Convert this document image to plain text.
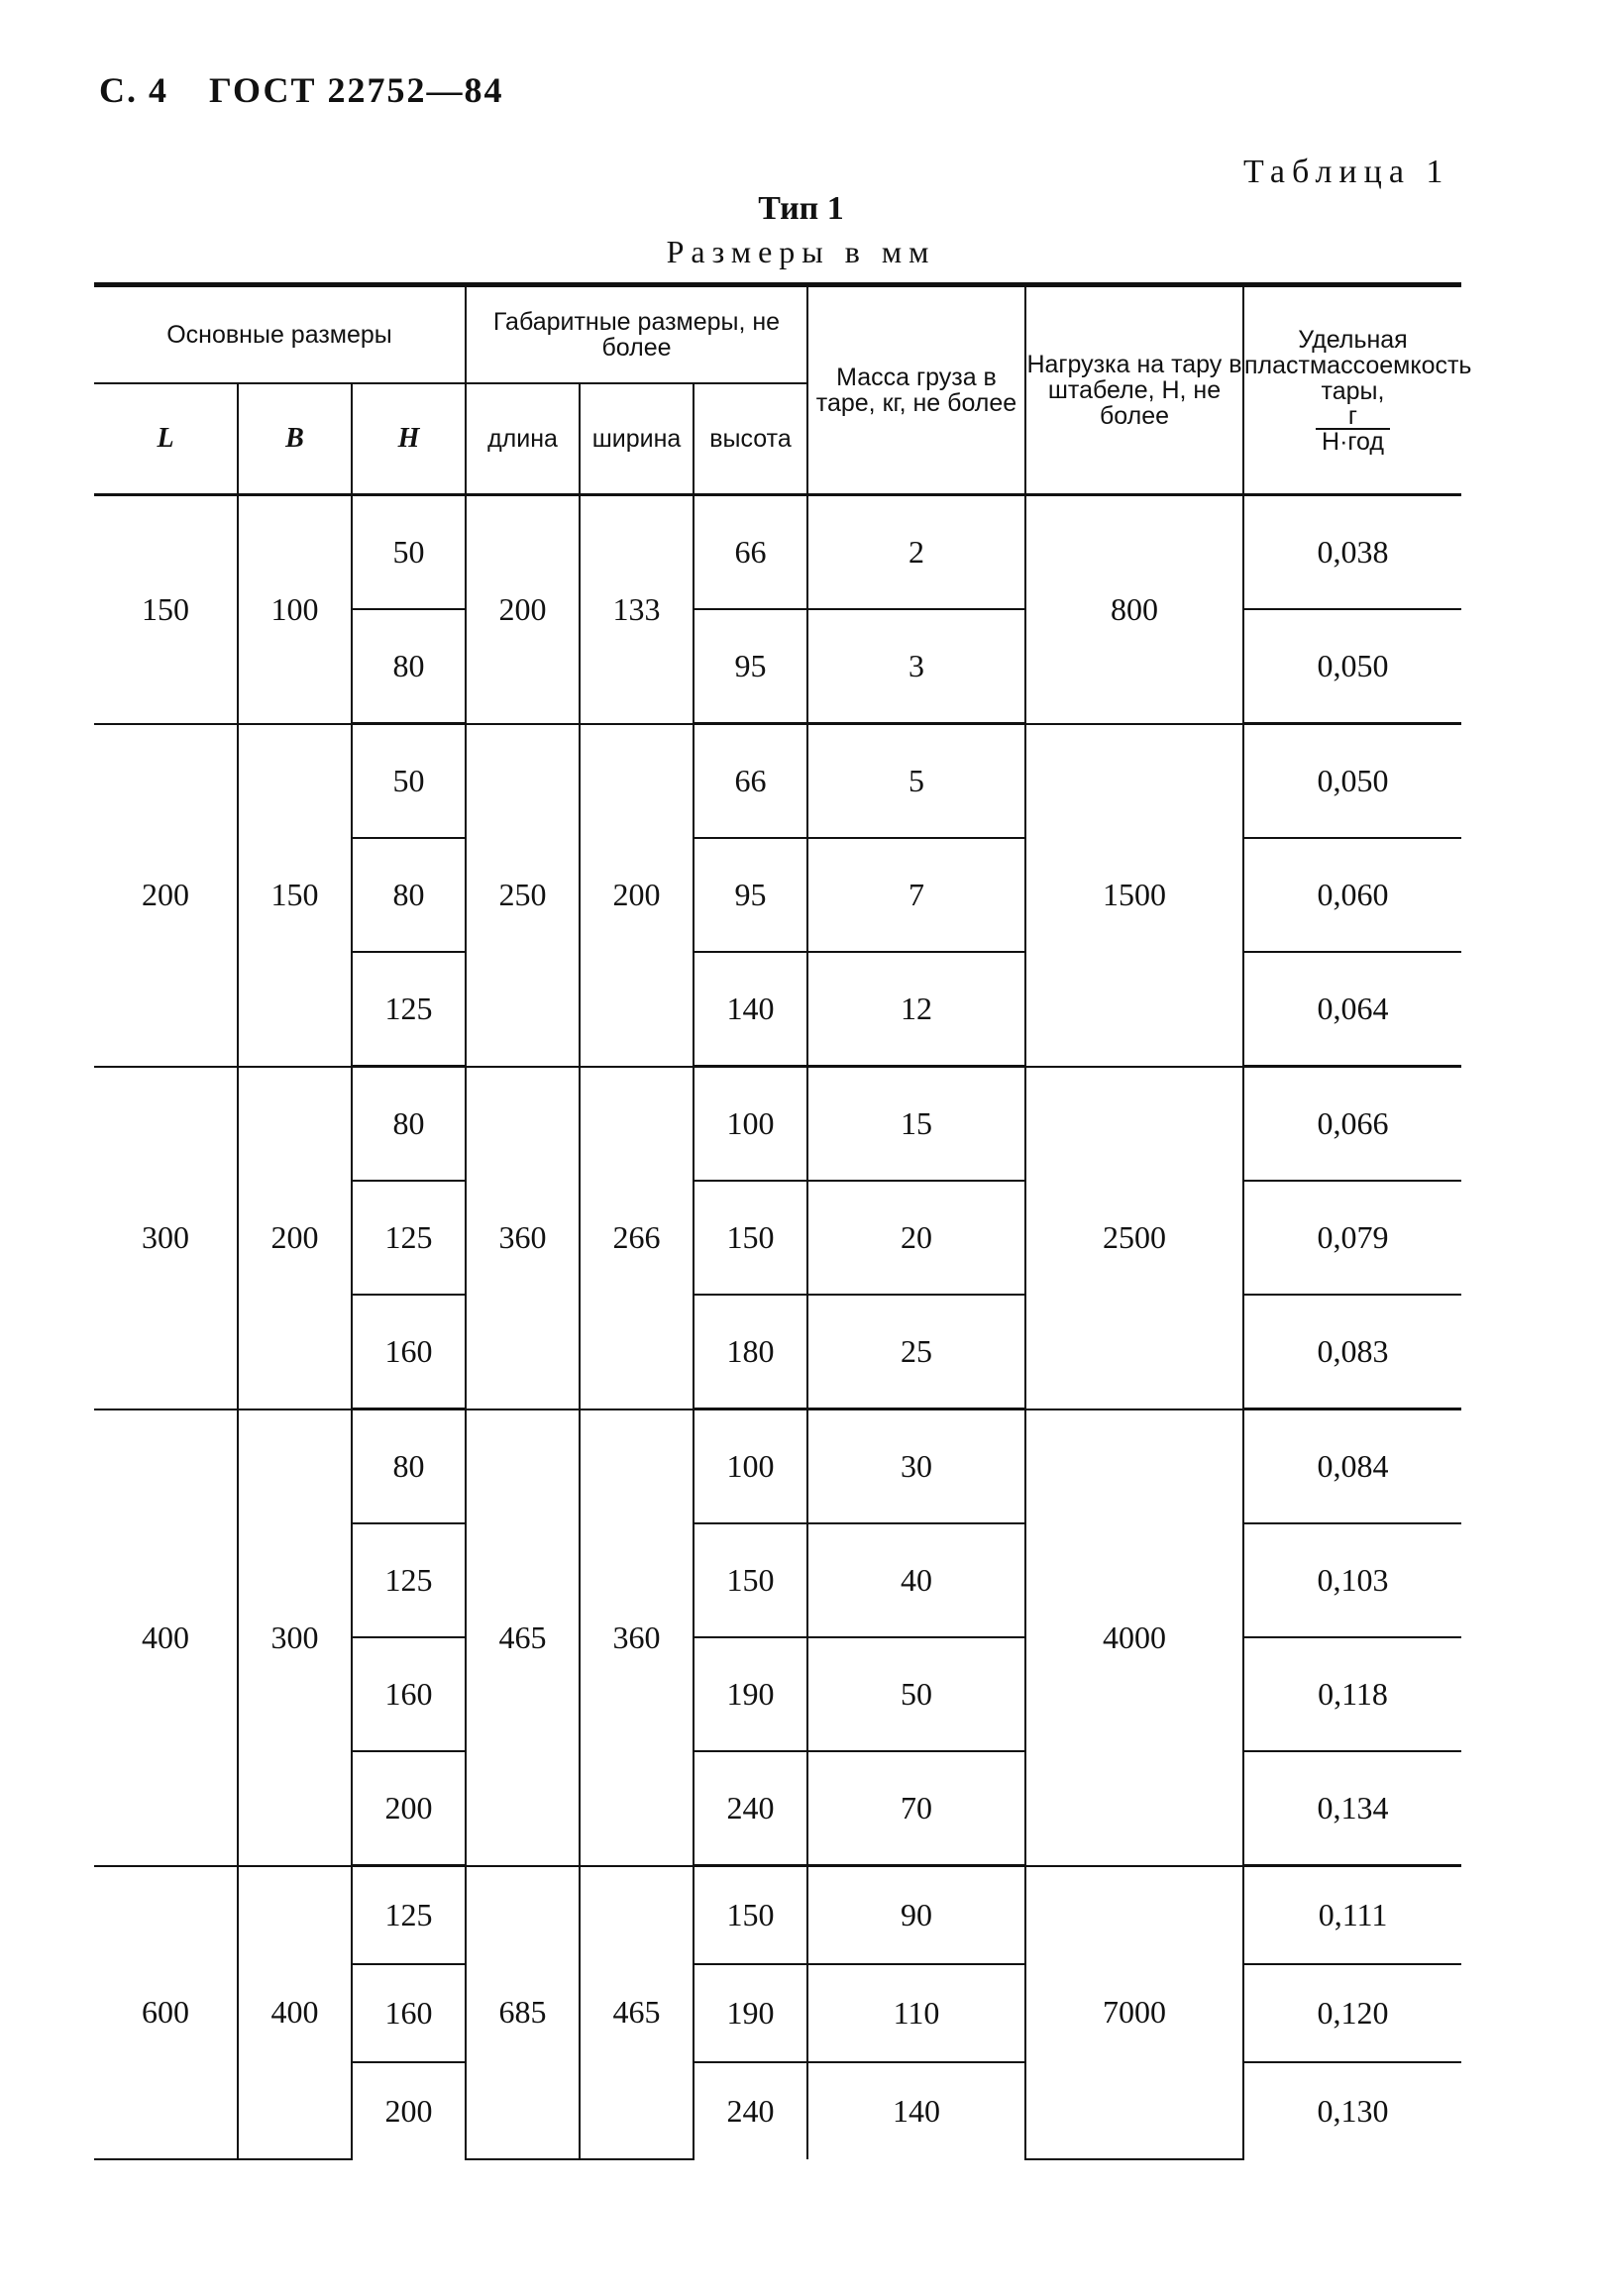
С. 4 ГОСТ 22752—84
Таблица 1
Тип 1
Размеры в мм
Основные размеры			Габаритные размеры, не более			Масса груза в таре, кг, не более	Нагрузка на тару в штабеле, Н, не более	Удельная пластмассоемкость тары,
$\frac{г}{\text{Н·год}}$

L	B	H	длина	ширина	высота			
150	100	50	200	133	66	2	800	0,038
		80			95	3		0,050
200	150	50	250	200	66	5	1500	0,050
		80			95	7		0,060
		125			140	12		0,064
300	200	80	360	266	100	15	2500	0,066
		125			150	20		0,079
		160			180	25		0,083
400	300	80	465	360	100	30	4000	0,084
		125			150	40		0,103
		160			190	50		0,118
		200			240	70		0,134
600	400	125	685	465	150	90	7000	0,111
		160			190	110		0,120
		200			240	140		0,130
